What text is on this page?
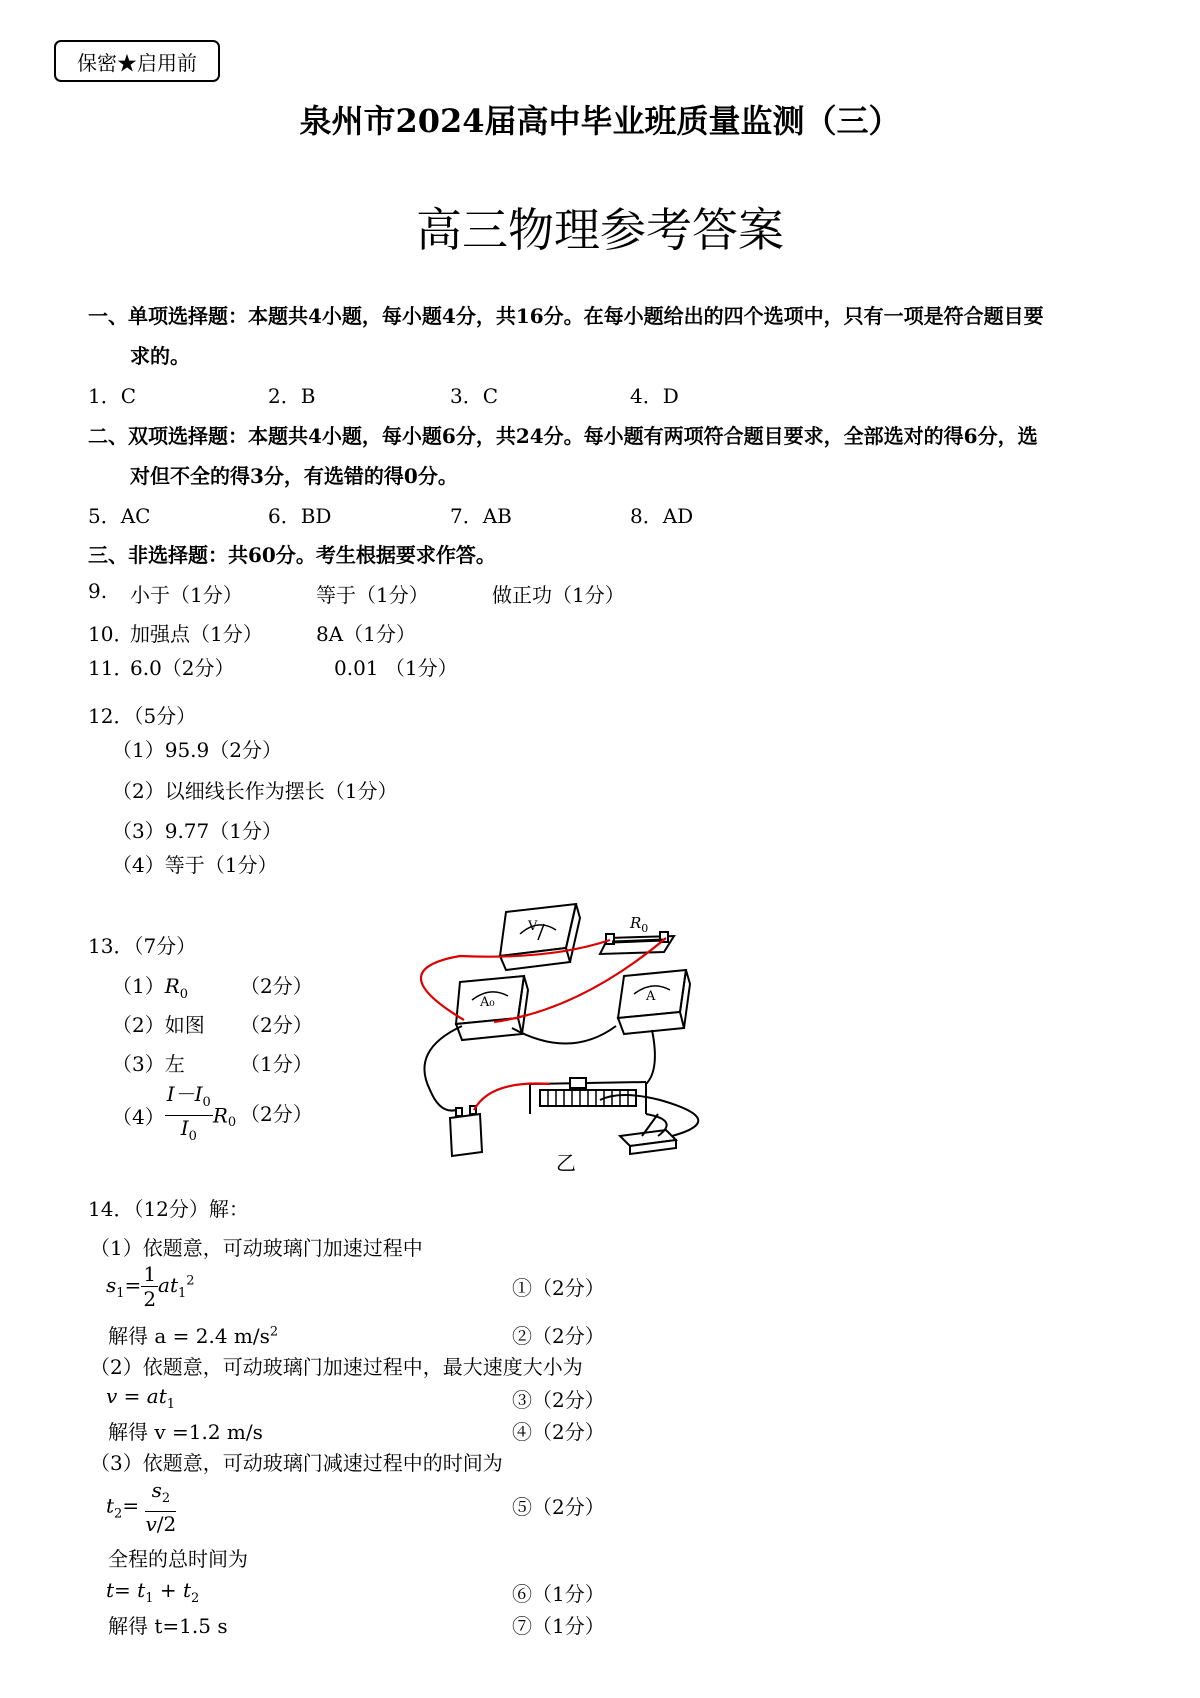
保密★启用前
泉州市2024届高中毕业班质量监测（三）
高三物理参考答案
一、单项选择题：本题共4小题，每小题4分，共16分。在每小题给出的四个选项中，只有一项是符合题目要
求的。
1．C	2．B	3．C	4．D
二、双项选择题：本题共4小题，每小题6分，共24分。每小题有两项符合题目要求，全部选对的得6分，选
对但不全的得3分，有选错的得0分。
5．AC	6．BD	7．AB	8．AD
三、非选择题：共60分。考生根据要求作答。
9. 小于（1分）	等于（1分）	做正功（1分）
10．
加强点（1分）	8A（1分）
11．
6.0（2分）	0.01 （1分）
12．（5分）
（1）95.9（2分）
（2）以细线长作为摆长（1分）
（3）9.77（1分）
（4）等于（1分）
13．（7分）
$(1)R_0$	（2分）
（2）如图 （2分）
（3）左	（1分）
$(4) \frac{I-I_0}{I_0} R_0$ （2分）
V
A₀	A
$R_0$
乙
14．（12分）解：
（1）依题意，可动玻璃门加速过程中
$s_1= \frac{1}{2} at_1^2$	①（2分）
解得 a = 2.4 $m/s^2$	②（2分）
（2）依题意，可动玻璃门加速过程中，最大速度大小为
$v = at_1$	③（2分）
解得 v =1.2 m/s	④（2分）
（3）依题意，可动玻璃门减速过程中的时间为
$t_2= \frac{s_2}{v/2}$	⑤（2分）
全程的总时间为
$t= t_1 + t_2$	⑥（1分）
解得 t=1.5 s	⑦（1分）
